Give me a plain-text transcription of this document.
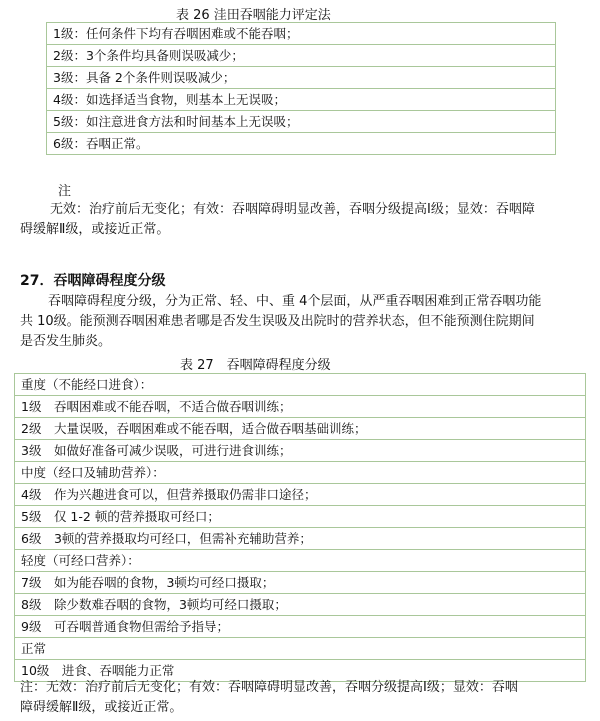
表 26 洼田吞咽能力评定法
1级：任何条件下均有吞咽困难或不能吞咽；
2级：3个条件均具备则误吸减少；
3级：具备 2个条件则误吸减少；
4级：如选择适当食物，则基本上无误吸；
5级：如注意进食方法和时间基本上无误吸；
6级：吞咽正常。
注
无效：治疗前后无变化；有效：吞咽障碍明显改善，吞咽分级提高Ⅰ级；显效：吞咽障
碍缓解Ⅱ级，或接近正常。
27．吞咽障碍程度分级
吞咽障碍程度分级，分为正常、轻、中、重 4个层面，从严重吞咽困难到正常吞咽功能
共 10级。能预测吞咽困难患者哪是否发生误吸及出院时的营养状态，但不能预测住院期间
是否发生肺炎。
表 27　吞咽障碍程度分级
重度（不能经口进食）：
1级　吞咽困难或不能吞咽，不适合做吞咽训练；
2级　大量误吸，吞咽困难或不能吞咽，适合做吞咽基础训练；
3级　如做好准备可减少误吸，可进行进食训练；
中度（经口及辅助营养）：
4级　作为兴趣进食可以，但营养摄取仍需非口途径；
5级　仅 1-2 顿的营养摄取可经口；
6级　3顿的营养摄取均可经口，但需补充辅助营养；
轻度（可经口营养）：
7级　如为能吞咽的食物，3顿均可经口摄取；
8级　除少数难吞咽的食物，3顿均可经口摄取；
9级　可吞咽普通食物但需给予指导；
正常
10级　进食、吞咽能力正常
注：无效：治疗前后无变化；有效：吞咽障碍明显改善，吞咽分级提高Ⅰ级；显效：吞咽
障碍缓解Ⅱ级，或接近正常。
